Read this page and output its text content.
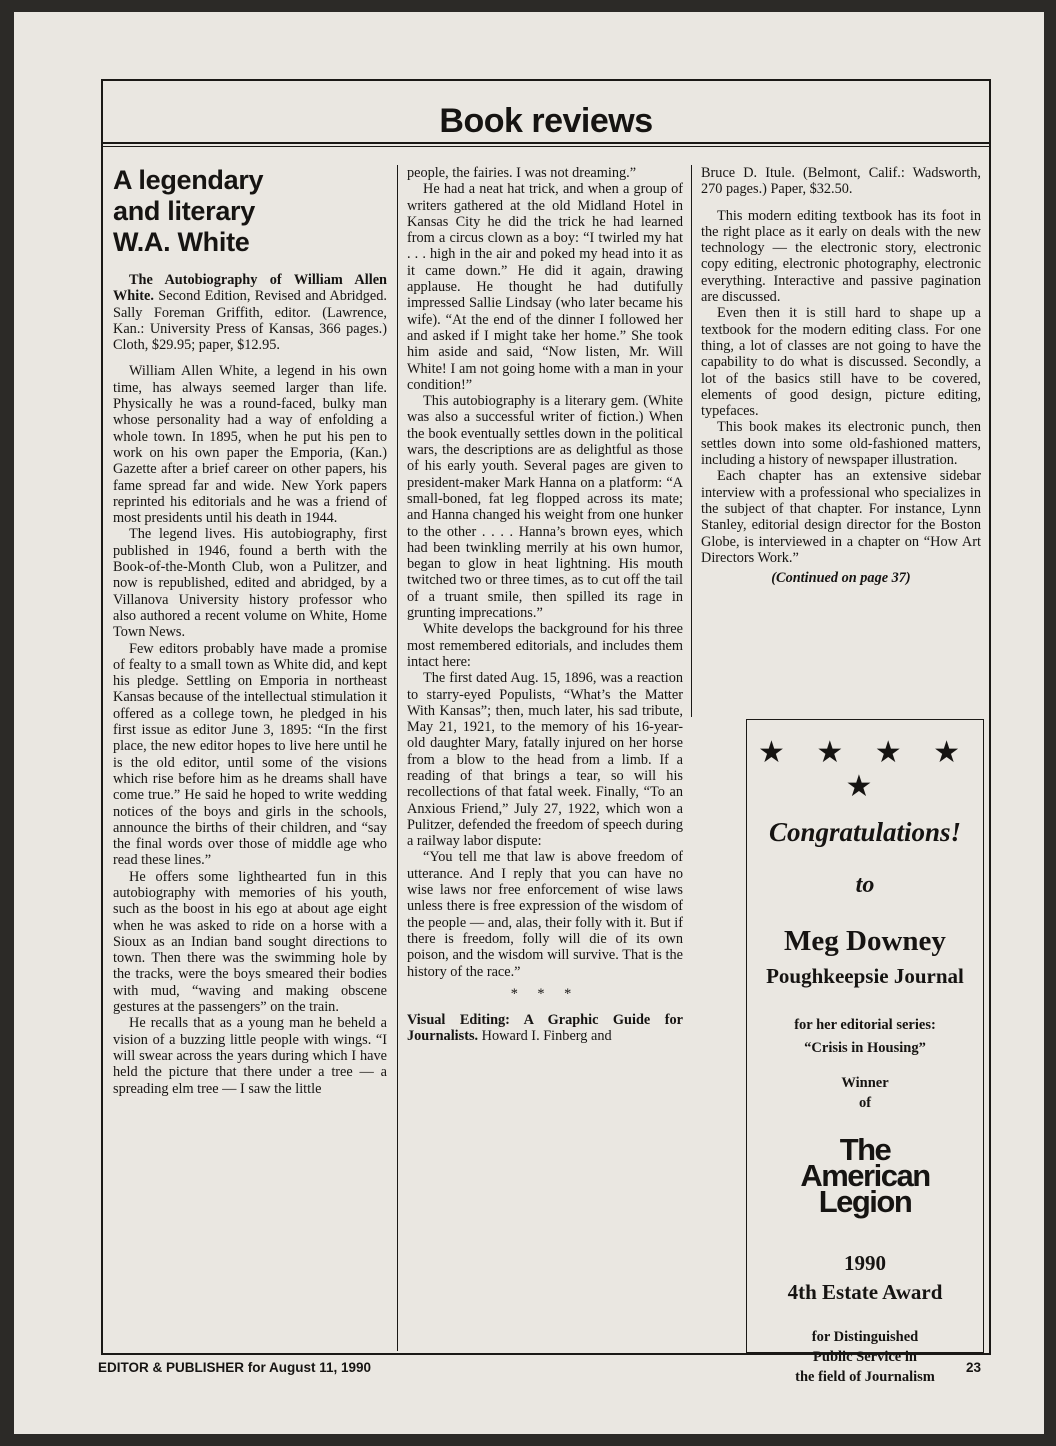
Book reviews
A legendary
and literary
W.A. White

The Autobiography of William Allen White. Second Edition, Revised and Abridged. Sally Foreman Griffith, editor. (Lawrence, Kan.: University Press of Kansas, 366 pages.) Cloth, $29.95; paper, $12.95.

William Allen White, a legend in his own time, has always seemed larger than life. Physically he was a round-faced, bulky man whose personality had a way of enfolding a whole town. In 1895, when he put his pen to work on his own paper the Emporia, (Kan.) Gazette after a brief career on other papers, his fame spread far and wide. New York papers reprinted his editorials and he was a friend of most presidents until his death in 1944.

The legend lives. His autobiography, first published in 1946, found a berth with the Book-of-the-Month Club, won a Pulitzer, and now is republished, edited and abridged, by a Villanova University history professor who also authored a recent volume on White, Home Town News.

Few editors probably have made a promise of fealty to a small town as White did, and kept his pledge. Settling on Emporia in northeast Kansas because of the intellectual stimulation it offered as a college town, he pledged in his first issue as editor June 3, 1895: “In the first place, the new editor hopes to live here until he is the old editor, until some of the visions which rise before him as he dreams shall have come true.” He said he hoped to write wedding notices of the boys and girls in the schools, announce the births of their children, and “say the final words over those of middle age who read these lines.”

He offers some lighthearted fun in this autobiography with memories of his youth, such as the boost in his ego at about age eight when he was asked to ride on a horse with a Sioux as an Indian band sought directions to town. Then there was the swimming hole by the tracks, were the boys smeared their bodies with mud, “waving and making obscene gestures at the passengers” on the train.

He recalls that as a young man he beheld a vision of a buzzing little people with wings. “I will swear across the years during which I have held the picture that there under a tree — a spreading elm tree — I saw the little

people, the fairies. I was not dreaming.”

He had a neat hat trick, and when a group of writers gathered at the old Midland Hotel in Kansas City he did the trick he had learned from a circus clown as a boy: “I twirled my hat . . . high in the air and poked my head into it as it came down.” He did it again, drawing applause. He thought he had dutifully impressed Sallie Lindsay (who later became his wife). “At the end of the dinner I followed her and asked if I might take her home.” She took him aside and said, “Now listen, Mr. Will White! I am not going home with a man in your condition!”

This autobiography is a literary gem. (White was also a successful writer of fiction.) When the book eventually settles down in the political wars, the descriptions are as delightful as those of his early youth. Several pages are given to president-maker Mark Hanna on a platform: “A small-boned, fat leg flopped across its mate; and Hanna changed his weight from one hunker to the other . . . . Hanna’s brown eyes, which had been twinkling merrily at his own humor, began to glow in heat lightning. His mouth twitched two or three times, as to cut off the tail of a truant smile, then spilled its rage in grunting imprecations.”

White develops the background for his three most remembered editorials, and includes them intact here:

The first dated Aug. 15, 1896, was a reaction to starry-eyed Populists, “What’s the Matter With Kansas”; then, much later, his sad tribute, May 21, 1921, to the memory of his 16-year-old daughter Mary, fatally injured on her horse from a blow to the head from a limb. If a reading of that brings a tear, so will his recollections of that fatal week. Finally, “To an Anxious Friend,” July 27, 1922, which won a Pulitzer, defended the freedom of speech during a railway labor dispute:

“You tell me that law is above freedom of utterance. And I reply that you can have no wise laws nor free enforcement of wise laws unless there is free expression of the wisdom of the people — and, alas, their folly with it. But if there is freedom, folly will die of its own poison, and the wisdom will survive. That is the history of the race.”

* * *

Visual Editing: A Graphic Guide for Journalists. Howard I. Finberg and

Bruce D. Itule. (Belmont, Calif.: Wadsworth, 270 pages.) Paper, $32.50.

This modern editing textbook has its foot in the right place as it early on deals with the new technology — the electronic story, electronic copy editing, electronic photography, electronic everything. Interactive and passive pagination are discussed.

Even then it is still hard to shape up a textbook for the modern editing class. For one thing, a lot of classes are not going to have the capability to do what is discussed. Secondly, a lot of the basics still have to be covered, elements of good design, picture editing, typefaces.

This book makes its electronic punch, then settles down into some old-fashioned matters, including a history of newspaper illustration.

Each chapter has an extensive sidebar interview with a professional who specializes in the subject of that chapter. For instance, Lynn Stanley, editorial design director for the Boston Globe, is interviewed in a chapter on “How Art Directors Work.”

(Continued on page 37)

★ ★ ★ ★ ★
Congratulations!
to
Meg Downey
Poughkeepsie Journal
for her editorial series:
“Crisis in Housing”
Winner
of
The
American
Legion
1990
4th Estate Award
for Distinguished
Public Service in
the field of Journalism
EDITOR & PUBLISHER for August 11, 1990	23
